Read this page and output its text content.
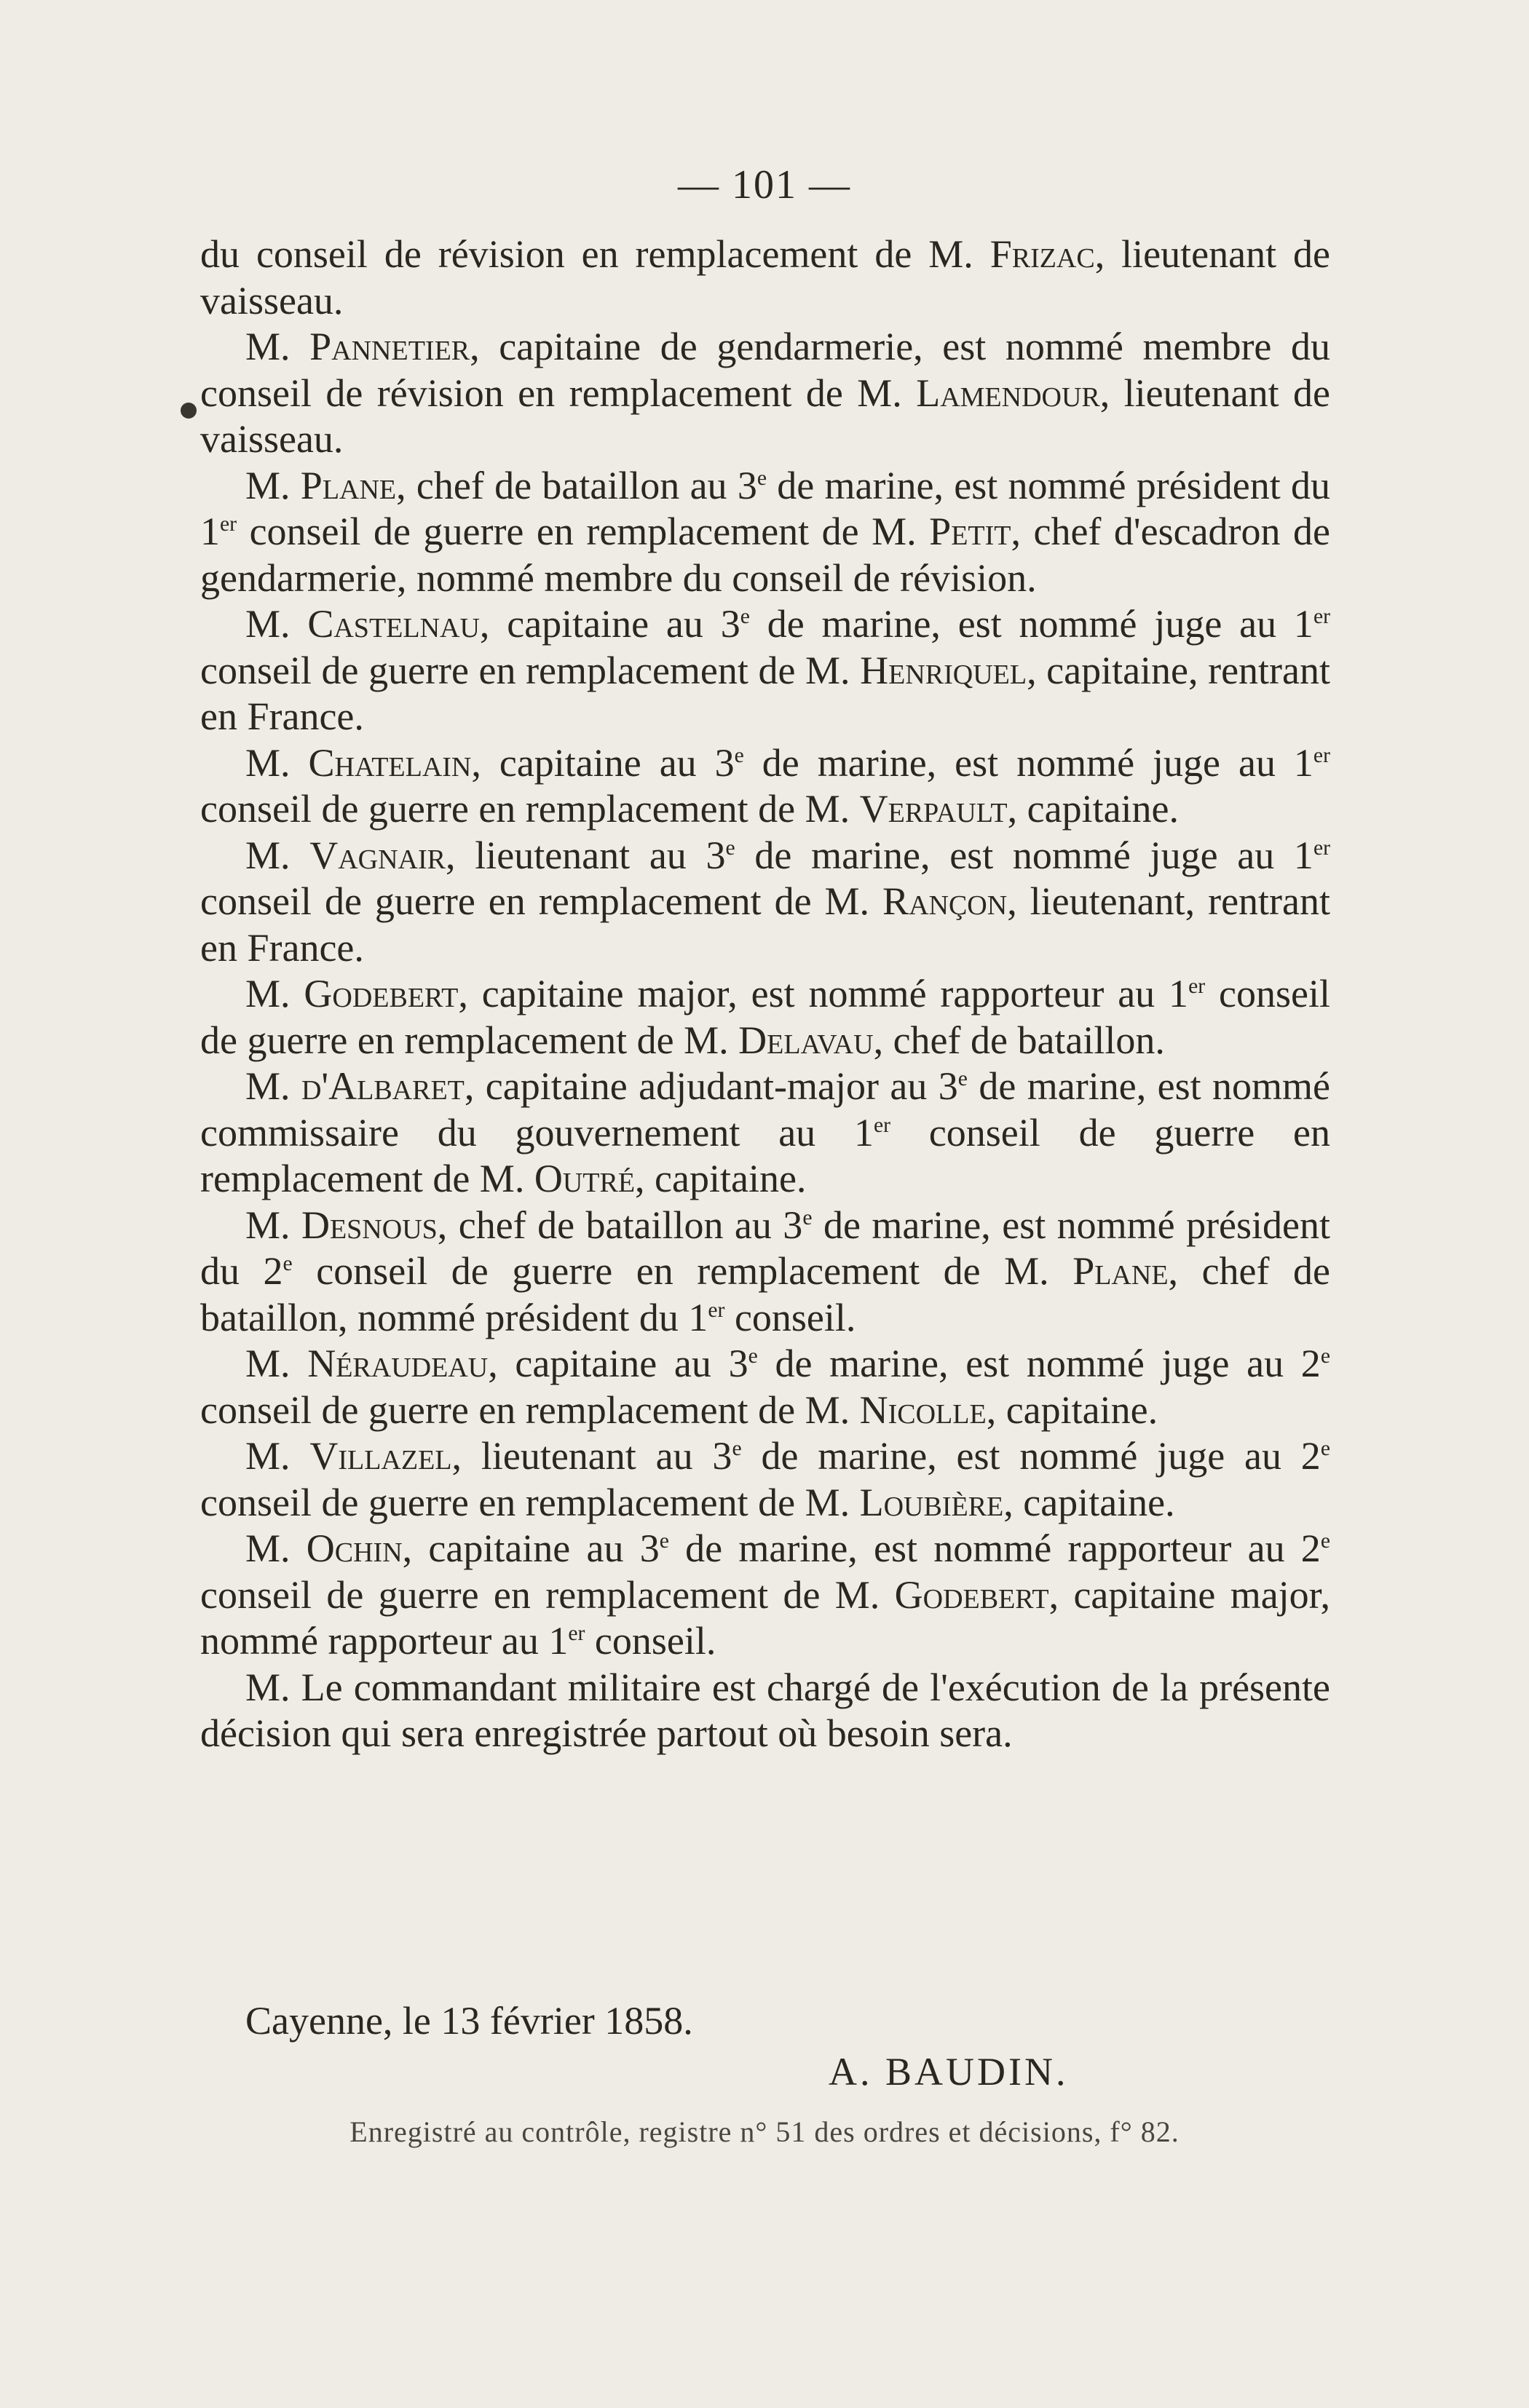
— 101 —

du conseil de révision en remplacement de M. Frizac, lieutenant de vaisseau.

M. Pannetier, capitaine de gendarmerie, est nommé membre du conseil de révision en remplacement de M. Lamendour, lieutenant de vaisseau.

M. Plane, chef de bataillon au 3e de marine, est nommé président du 1er conseil de guerre en remplacement de M. Petit, chef d'escadron de gendarmerie, nommé membre du conseil de révision.

M. Castelnau, capitaine au 3e de marine, est nommé juge au 1er conseil de guerre en remplacement de M. Henriquel, capitaine, rentrant en France.

M. Chatelain, capitaine au 3e de marine, est nommé juge au 1er conseil de guerre en remplacement de M. Verpault, capitaine.

M. Vagnair, lieutenant au 3e de marine, est nommé juge au 1er conseil de guerre en remplacement de M. Rançon, lieutenant, rentrant en France.

M. Godebert, capitaine major, est nommé rapporteur au 1er conseil de guerre en remplacement de M. Delavau, chef de bataillon.

M. d'Albaret, capitaine adjudant-major au 3e de marine, est nommé commissaire du gouvernement au 1er conseil de guerre en remplacement de M. Outré, capitaine.

M. Desnous, chef de bataillon au 3e de marine, est nommé président du 2e conseil de guerre en remplacement de M. Plane, chef de bataillon, nommé président du 1er conseil.

M. Néraudeau, capitaine au 3e de marine, est nommé juge au 2e conseil de guerre en remplacement de M. Nicolle, capitaine.

M. Villazel, lieutenant au 3e de marine, est nommé juge au 2e conseil de guerre en remplacement de M. Loubière, capitaine.

M. Ochin, capitaine au 3e de marine, est nommé rapporteur au 2e conseil de guerre en remplacement de M. Godebert, capitaine major, nommé rapporteur au 1er conseil.

M. Le commandant militaire est chargé de l'exécution de la présente décision qui sera enregistrée partout où besoin sera.

Cayenne, le 13 février 1858.
A. BAUDIN.
Enregistré au contrôle, registre n° 51 des ordres et décisions, f° 82.
